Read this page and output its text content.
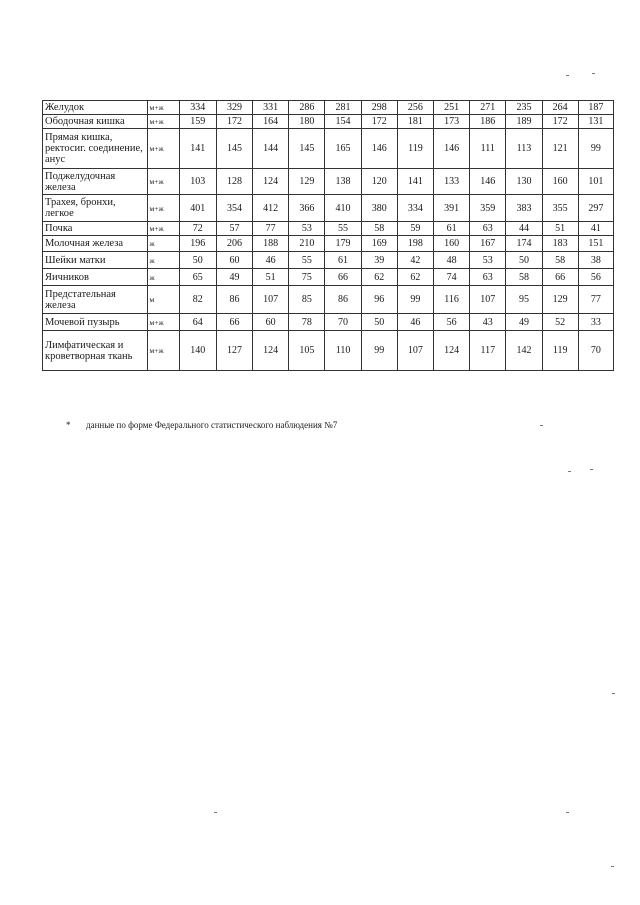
Желудок	м+ж	334	329	331	286	281	298	256	251	271	235	264	187
Ободочная кишка	м+ж	159	172	164	180	154	172	181	173	186	189	172	131
Прямая кишка, ректосиг. соединение, анус	м+ж	141	145	144	145	165	146	119	146	111	113	121	99
Поджелудочная железа	м+ж	103	128	124	129	138	120	141	133	146	130	160	101
Трахея, бронхи, легкое	м+ж	401	354	412	366	410	380	334	391	359	383	355	297
Почка	м+ж	72	57	77	53	55	58	59	61	63	44	51	41
Молочная железа	ж	196	206	188	210	179	169	198	160	167	174	183	151
Шейки матки	ж	50	60	46	55	61	39	42	48	53	50	58	38
Яичников	ж	65	49	51	75	66	62	62	74	63	58	66	56
Предстательная железа	м	82	86	107	85	86	96	99	116	107	95	129	77
Мочевой пузырь	м+ж	64	66	60	78	70	50	46	56	43	49	52	33
Лимфатическая и кроветворная ткань	м+ж	140	127	124	105	110	99	107	124	117	142	119	70
* данные по форме Федерального статистического наблюдения №7
